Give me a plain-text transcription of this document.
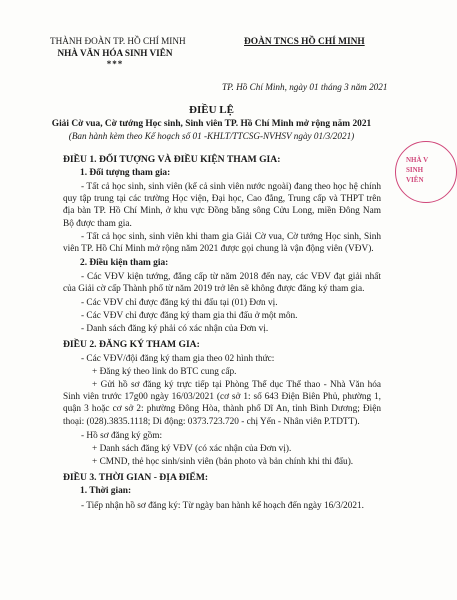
THÀNH ĐOÀN TP. HỒ CHÍ MINH
NHÀ VĂN HÓA SINH VIÊN
***
ĐOÀN TNCS HỒ CHÍ MINH
TP. Hồ Chí Minh, ngày 01 tháng 3 năm 2021
ĐIỀU LỆ
Giải Cờ vua, Cờ tướng Học sinh, Sinh viên TP. Hồ Chí Minh mở rộng năm 2021
(Ban hành kèm theo Kế hoạch số 01 -KHLT/TTCSG-NVHSV ngày 01/3/2021)
NHÀ V
SINH
VIÊN
ĐIỀU 1. ĐỐI TƯỢNG VÀ ĐIỀU KIỆN THAM GIA:
1. Đối tượng tham gia:
- Tất cả học sinh, sinh viên (kể cả sinh viên nước ngoài) đang theo học hệ chính quy tập trung tại các trường Học viện, Đại học, Cao đẳng, Trung cấp và THPT trên địa bàn TP. Hồ Chí Minh, ở khu vực Đồng bằng sông Cửu Long, miền Đông Nam Bộ được tham gia.
- Tất cả học sinh, sinh viên khi tham gia Giải Cờ vua, Cờ tướng Học sinh, Sinh viên TP. Hồ Chí Minh mở rộng năm 2021 được gọi chung là vận động viên (VĐV).
2. Điều kiện tham gia:
- Các VĐV kiện tướng, đẳng cấp từ năm 2018 đến nay, các VĐV đạt giải nhất của Giải cờ cấp Thành phố từ năm 2019 trở lên sẽ không được đăng ký tham gia.
- Các VĐV chỉ được đăng ký thi đấu tại (01) Đơn vị.
- Các VĐV chỉ được đăng ký tham gia thi đấu ở một môn.
- Danh sách đăng ký phải có xác nhận của Đơn vị.
ĐIỀU 2. ĐĂNG KÝ THAM GIA:
- Các VĐV/đội đăng ký tham gia theo 02 hình thức:
+ Đăng ký theo link do BTC cung cấp.
+ Gửi hồ sơ đăng ký trực tiếp tại Phòng Thể dục Thể thao - Nhà Văn hóa Sinh viên trước 17g00 ngày 16/03/2021 (cơ sở 1: số 643 Điện Biên Phủ, phường 1, quận 3 hoặc cơ sở 2: phường Đông Hòa, thành phố Dĩ An, tỉnh Bình Dương; Điện thoại: (028).3835.1118; Di động: 0373.723.720 - chị Yến - Nhân viên P.TDTT).
- Hồ sơ đăng ký gồm:
+ Danh sách đăng ký VĐV (có xác nhận của Đơn vị).
+ CMND, thẻ học sinh/sinh viên (bản photo và bản chính khi thi đấu).
ĐIỀU 3. THỜI GIAN - ĐỊA ĐIỂM:
1. Thời gian:
- Tiếp nhận hồ sơ đăng ký: Từ ngày ban hành kế hoạch đến ngày 16/3/2021.
